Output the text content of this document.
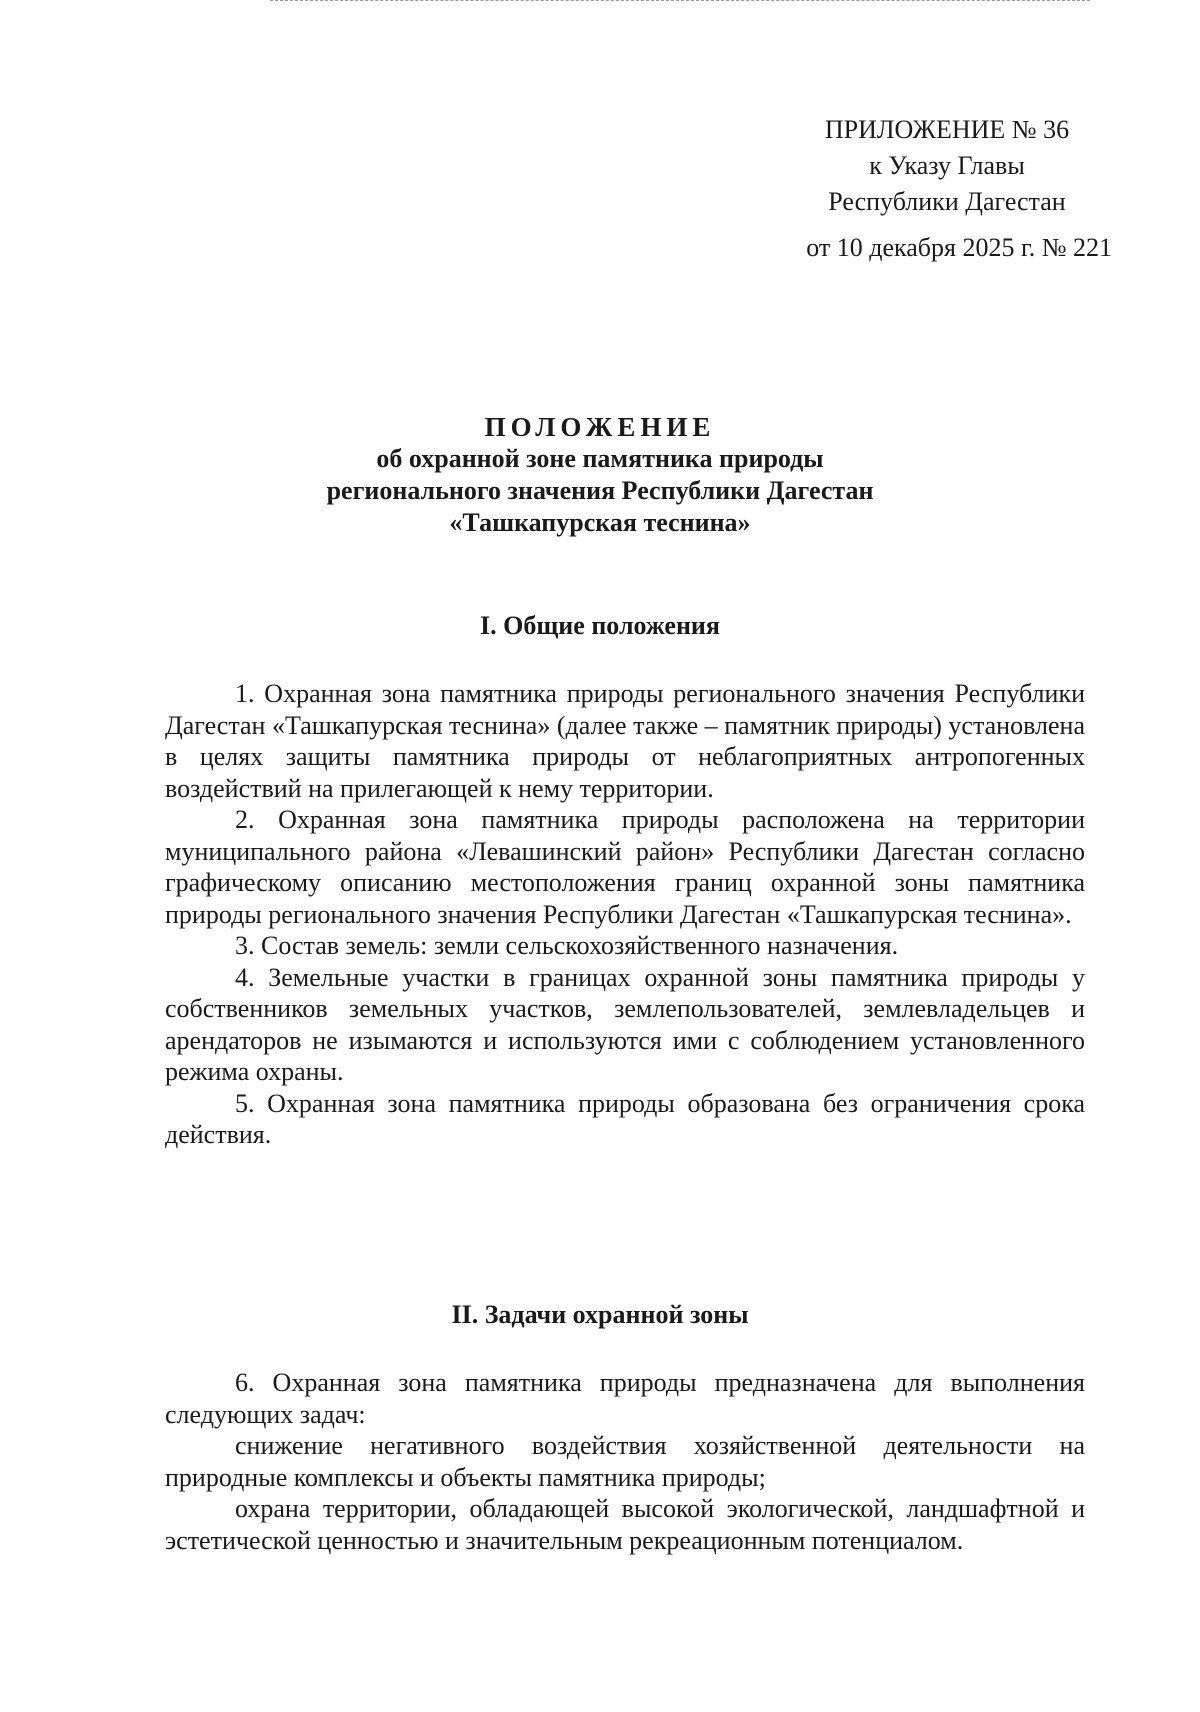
ПРИЛОЖЕНИЕ № 36
к Указу Главы
Республики Дагестан
от 10 декабря 2025 г. № 221
ПОЛОЖЕНИЕ
об охранной зоне памятника природы
регионального значения Республики Дагестан
«Ташкапурская теснина»
I. Общие положения

1. Охранная зона памятника природы регионального значения Республики Дагестан «Ташкапурская теснина» (далее также – памятник природы) установлена в целях защиты памятника природы от неблагоприятных антропогенных воздействий на прилегающей к нему территории.

2. Охранная зона памятника природы расположена на территории муниципального района «Левашинский район» Республики Дагестан согласно графическому описанию местоположения границ охранной зоны памятника природы регионального значения Республики Дагестан «Ташкапурская теснина».

3. Состав земель: земли сельскохозяйственного назначения.

4. Земельные участки в границах охранной зоны памятника природы у собственников земельных участков, землепользователей, землевладельцев и арендаторов не изымаются и используются ими с соблюдением установленного режима охраны.

5. Охранная зона памятника природы образована без ограничения срока действия.

II. Задачи охранной зоны

6. Охранная зона памятника природы предназначена для выполнения следующих задач:

снижение негативного воздействия хозяйственной деятельности на природные комплексы и объекты памятника природы;

охрана территории, обладающей высокой экологической, ландшафтной и эстетической ценностью и значительным рекреационным потенциалом.
